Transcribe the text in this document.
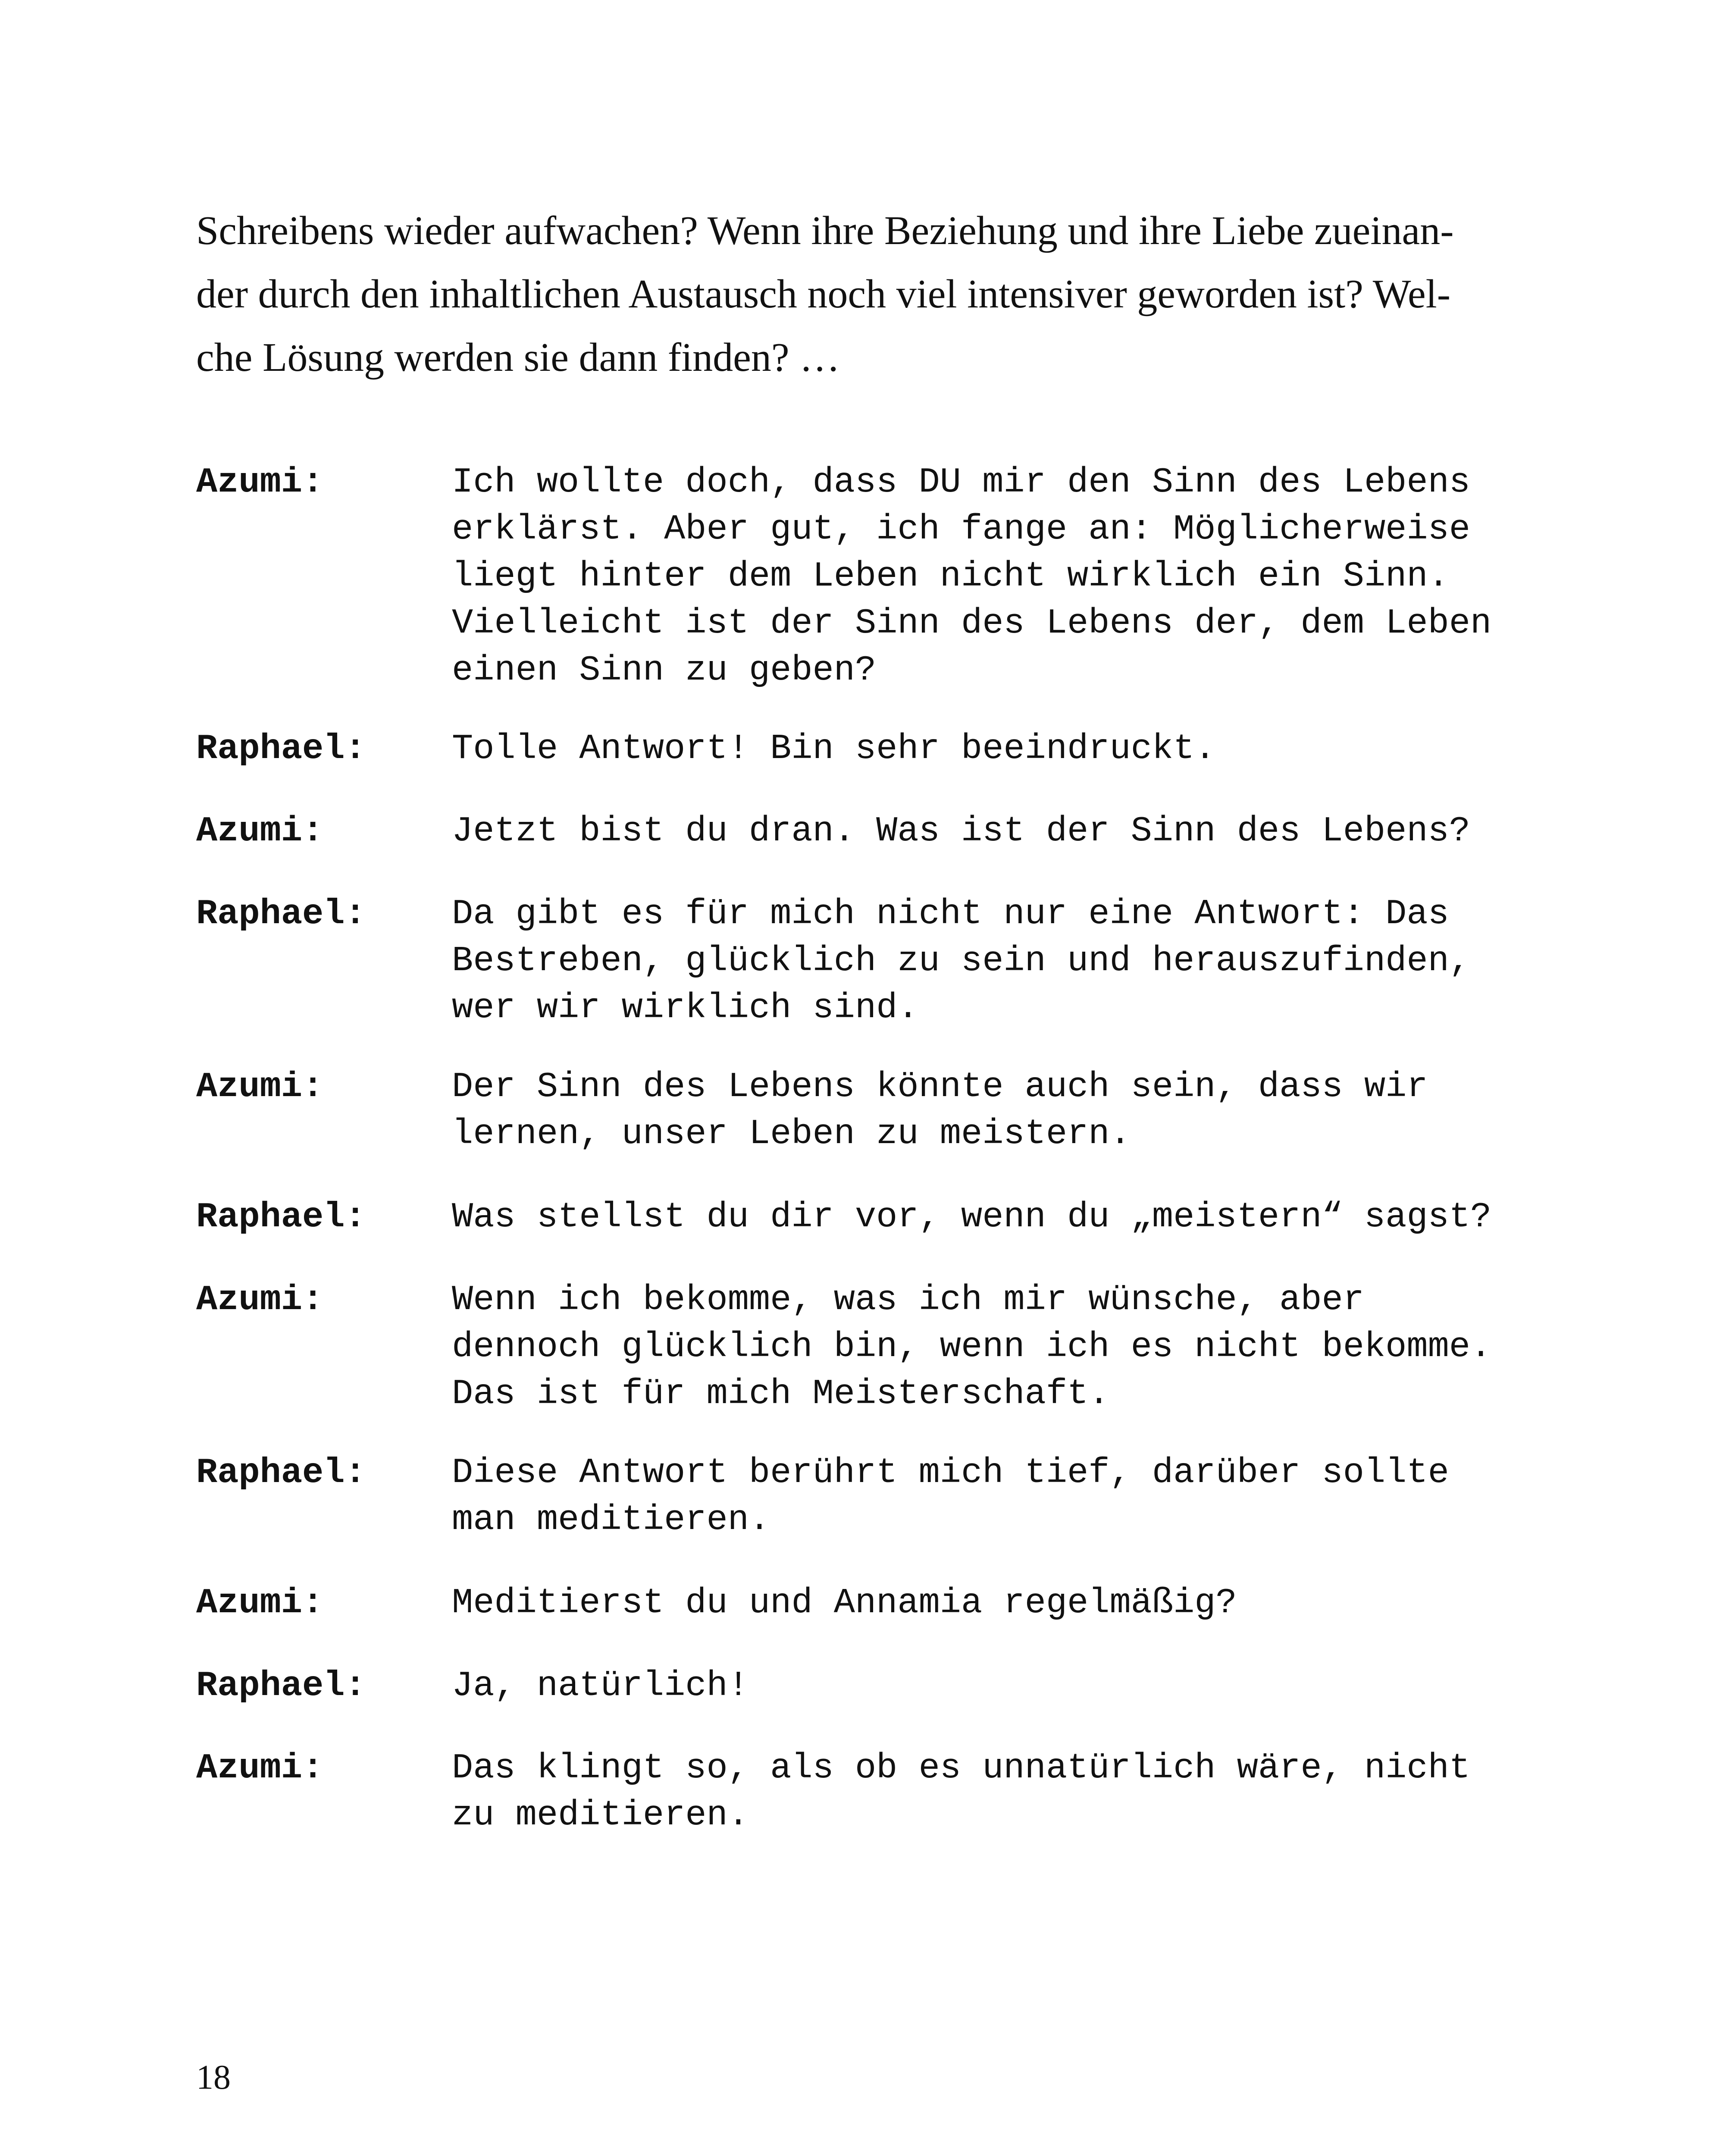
Schreibens wieder aufwachen? Wenn ihre Beziehung und ihre Liebe zueinan-
der durch den inhaltlichen Austausch noch viel intensiver geworden ist? Wel-
che Lösung werden sie dann finden? …
Azumi:	Ich wollte doch, dass DU mir den Sinn des Lebens
erklärst. Aber gut, ich fange an: Möglicherweise
liegt hinter dem Leben nicht wirklich ein Sinn.
Vielleicht ist der Sinn des Lebens der, dem Leben
einen Sinn zu geben?
Raphael: Tolle Antwort! Bin sehr beeindruckt.
Azumi:	Jetzt bist du dran. Was ist der Sinn des Lebens?
Raphael: Da gibt es für mich nicht nur eine Antwort: Das
Bestreben, glücklich zu sein und herauszufinden,
wer wir wirklich sind.
Azumi:	Der Sinn des Lebens könnte auch sein, dass wir
lernen, unser Leben zu meistern.
Raphael: Was stellst du dir vor, wenn du „meistern“ sagst?
Azumi:	Wenn ich bekomme, was ich mir wünsche, aber
dennoch glücklich bin, wenn ich es nicht bekomme.
Das ist für mich Meisterschaft.
Raphael: Diese Antwort berührt mich tief, darüber sollte
man meditieren.
Azumi:	Meditierst du und Annamia regelmäßig?
Raphael: Ja, natürlich!
Azumi:	Das klingt so, als ob es unnatürlich wäre, nicht
zu meditieren.
18
